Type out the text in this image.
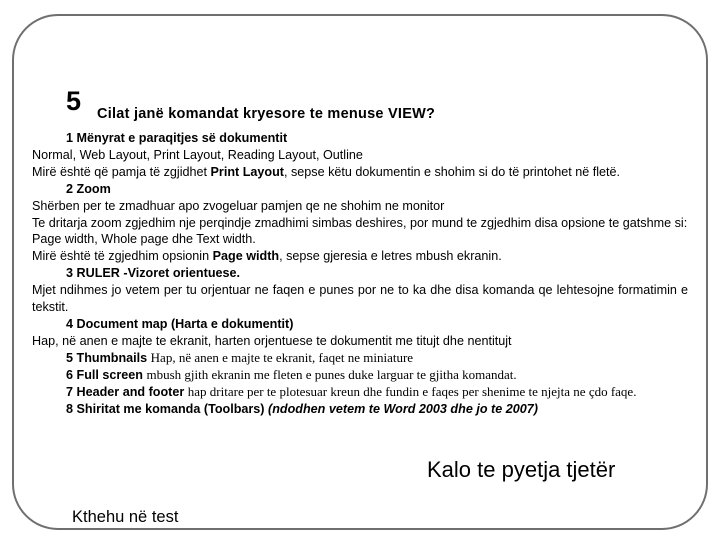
5 Cilat janë komandat kryesore te menuse VIEW?

1 Mënyrat e paraqitjes së dokumentit

Normal, Web Layout, Print Layout, Reading Layout, Outline

Mirë është që pamja të zgjidhet Print Layout, sepse këtu dokumentin e shohim si do të printohet në fletë.

2 Zoom

Shërben per te zmadhuar apo zvogeluar pamjen qe ne shohim ne monitor

Te dritarja zoom zgjedhim nje perqindje zmadhimi simbas deshires, por mund te zgjedhim disa opsione te gatshme si:

Page width, Whole page dhe Text width.

Mirë është të zgjedhim opsionin Page width, sepse gjeresia e letres mbush ekranin.

3 RULER -Vizoret orientuese.

Mjet ndihmes jo vetem per tu orjentuar ne faqen e punes por ne to ka dhe disa komanda qe lehtesojne formatimin e tekstit.

4 Document map (Harta e dokumentit)

Hap, në anen e majte te ekranit, harten orjentuese te dokumentit me titujt dhe nentitujt

5 Thumbnails Hap, në anen e majte te ekranit, faqet ne miniature

6 Full screen mbush gjith ekranin me fleten e punes duke larguar te gjitha komandat.

7 Header and footer hap dritare per te plotesuar kreun dhe fundin e faqes per shenime te njejta ne çdo faqe.

8 Shiritat me komanda (Toolbars) (ndodhen vetem te Word 2003 dhe jo te 2007)

Kalo te pyetja tjetër
Kthehu në test
